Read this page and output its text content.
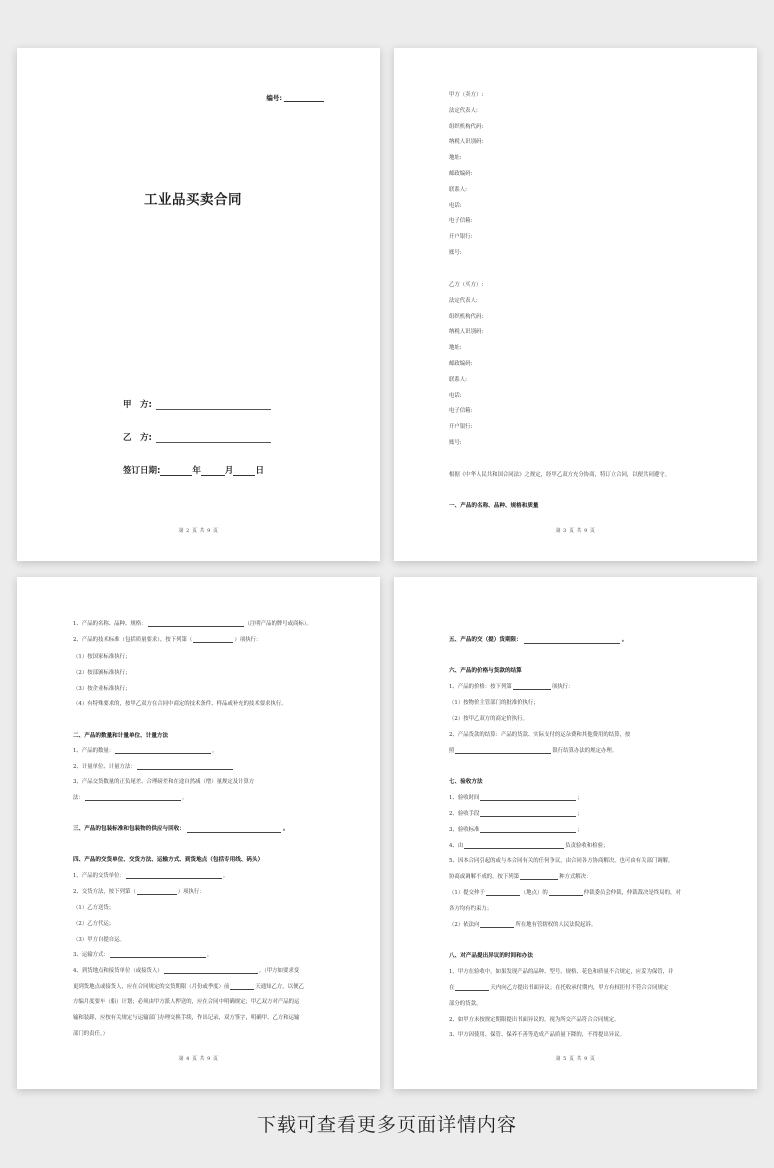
编号:
工业品买卖合同
甲　方:
乙　方:
签订日期:	年	月	日
第 2 页 共 9 页
甲方（卖方）:
法定代表人:
组织机构代码:
纳税人识别码:
地址:
邮政编码:
联系人:
电话:
电子信箱:
开户银行:
账号:
乙方（买方）:
法定代表人:
组织机构代码:
纳税人识别码:
地址:
邮政编码:
联系人:
电话:
电子信箱:
开户银行:
账号:
根据《中华人民共和国合同法》之规定，经甲乙双方充分协商，特订立合同，以便共同遵守。
一、产品的名称、品种、规格和质量
第 3 页 共 9 页
1、产品的名称、品种、规格：	（注明产品的牌号或商标）。
2、产品的技术标准（包括质量要求），按下列第（	）项执行：
（1）按国家标准执行；
（2）按部颁标准执行；
（3）按企业标准执行；
（4）有特殊要求的，按甲乙双方在合同中商定的技术条件、样品或补充的技术要求执行。
二、产品的数量和计量单位、计量方法
1、产品的数量：	。
2、计量单位、计量方法：
3、产品交货数量的正负尾差、合理磅差和在途自然减（增）量规定及计算方
法：	。
三、产品的包装标准和包装物的供应与回收：	。
四、产品的交货单位、交货方法、运输方式、到货地点（包括专用线、码头）
1、产品的交货单位：	。
2、交货方法，按下列第（	）项执行：
（1）乙方送货；
（2）乙方代运；
（3）甲方自提自运。
3、运输方式：	。
4、到货地点和接货单位（或接货人）	。（甲方如要求变
更到货地点或接货人，应在合同规定的交货期限（月份或季度）前	天通知乙方，以便乙
方编月度要车（船）计划；必须由甲方派人押送的，应在合同中明确规定；甲乙双方对产品的运
输和装卸，应按有关规定与运输部门办理交换手续，作出记录，双方签字，明确甲、乙方和运输
部门的责任。）
第 4 页 共 9 页
五、产品的交（提）货期限：	。
六、产品的价格与货款的结算
1、产品的价格：按下列第	项执行：
（1）按物价主管部门的批准价执行；
（2）按甲乙双方的商定价执行。
2、产品货款的结算：产品的货款、实际支付的运杂费和其他费用的结算，按
照	银行结算办法的规定办理。
七、验收方法
1、验收时间	；
2、验收手段	；
3、验收标准	；
4、由	负责验收和检验；
5、因本合同引起的或与本合同有关的任何争议，由合同各方协商解决，也可由有关部门调解。
协商或调解不成的，按下列第	种方式解决：
（1）提交仲于	（地点）的	仲裁委员会仲裁，仲裁裁决是终局的，对
各方均有约束力；
（2）依法向	所在地有管辖权的人民法院起诉。
八、对产品提出异议的时间和办法
1、甲方在验收中，如果发现产品的品种、型号、规格、花色和质量不合规定，应妥为保管，并
在	天内向乙方提出书面异议；在托收承付期内，甲方有权拒付不符合合同规定
部分的货款。
2、如甲方未按规定期限提出书面异议的，视为所交产品符合合同规定。
3、甲方因使用、保管、保养不善等造成产品质量下降的，不得提出异议。
第 5 页 共 9 页
下载可查看更多页面详情内容
